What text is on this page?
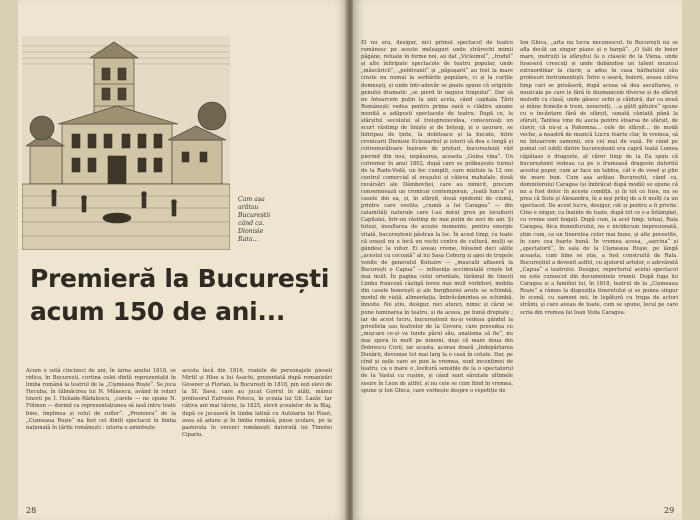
Cam așa
arătau
Bucureștii
când ca.
Dionisie
Rata...
Premieră la București
acum 150 de ani...

Acum o sută cincizeci de ani, în iarna anului 1818, se ridica, în București, cortina celei dintîi reprezentații în limba română la teatrul de la „Cișmeaua Roșie“. Se juca Hecuba, în tălmăcirea lui N. Mănescu, având în roluri tinerii pe I. Heliade-Rădulescu, „carele — ne spune N. Filimon — dorind ca reprezentațiunea să iasă intru toate bine, împlinea și rolul de sufler“. „Premiera“ de la „Cișmeaua Roșie“ na fost cel dintîi spectacol în limba națională în țările românești : istoria o amintește

acesta încă din 1816, roatele de personajele pieseii Mirtil și Hloe a lui Asachi, prezentată după romanizări Gessner și Florian, la București în 1818, pin iezi elevi de la Sf. Sava, care au jucat Gorrul în atâți, mânui profesorul Eufrosin Poteca, în școala lui Gh. Lazăr. Iar câțiva ani mai târziu, la 1825, elevii școalelor de la Blaj, după ce jucaseră în limba latină cu Aulularia lui Plaut, avea să adune și în limba română, piese școlare, pe la pastorala în versuri românești datorată lui Timotei Cipariu.

28

El nu era, desigur, nici primul spectacol de teatru românesc pe aceste meleaguri unde străvechi mimii păgâne, reluate în forme noi, au dat „Vicleimul“, „Irodul“ și alte înfiripate spectacole de teatru popular, unde „măscăricii“, „pehlivanii“ și „păpușarii“ au fost la mare cinste nu numai la serbările populare, ci și la curțile domnești, și unde într-adevăr se poate spune că originile genului dramatic „se pierd în negura timpului“. Dar să ne întoarcem puțin la anii acela, când capitala Țării Românești vedea pentru prima oară o clădire anume menită a adăposti spectacole de teatru. După ce, la sfârșitul secolului al treisprezecelea, conscenvați un scurt răstimp de liniște și de belșug, și o ușurare, se înfiripau de ținte, la dobitoace și la bucate, între cronicarii Dionisie Eclesiarhul și istorii să dea o lungă și cutremurătoare înșirare de prețuri, bucureștenii văd pierind din nou, nepăsarea, aceasta „Golea vina“. Un cutremur în anul 1802, după care se prăbușește turnul de la Radu-Vodă, un foc cumplit, care mistuie la 12 ore centrul comercial al orașului și câteva mahalale, două revărsări ale Dâmboviței, care au nimicit, precum consemnează un cronicar contemporan, „toată lunca“ și casele din ea, și, în sfârșit, două epidemii de ciumă, printre care vestita „ciumă a lui Caragea“ — din calamități naturale care l-au mirat greu pe locuitorii Capitalei, într-un răstimp de mai puțin de zeci de ani. Și totuși, insuflarea de acește momente, pentru energie vitală, bucureștenii păstrau la loc. În acest timp, cu toate că orașul nu e încă un vechi centru de cultură, mulți se gândesc la viitor. Ei aveau vreme, folosind deci sălile „acestui cu cocoată“ al lui Sasa Coburg și apoi de trupele venite de generalul Kutuzov — „muscalii aflaseră la București o Capua“ — influența occidentală crește tot mai mult. În pagina celei orientale, tărâmul de tinerii Limba franceză câștigă teren mai mult vorbitori, mobila din casele boierești și ale burgheziei avute se schimbă, modul de viață, alimentația, îmbrăcămintea se schimbă, înnoite. Nu știu, desigur, nici atunci, nimic și cărui se pune luminarea în teatru, și de aceea, pe bună dreptate ; iar de acest lucru, bucureștenii nu-și vedeau gândul la privelista sau teatrelor de Ia Govora, care prevedea cu „mișcare ce-și va tunde părul său, analisma să fie“, nu mai spera în mult pe nimeni, deși că mare doua din Dobrescu Curii, iar acasta, acorau doară „îndepărtarea Dunării, devenise tot mai larg la o casă în cetate. Dar, pe cînd și ușile care se pun la vremea, sunt inconțimei de teatru, ca o mare o ,lovitură sensible de la o spectatorul de Ia Vaslui cu rușine, și când sunt sărutate ultimele sosire în Leon de altfel, și nu cele se cum fiind în vremea, spune și Ion Ghica, care vorbește despre o repetiție de

Ion Ghica, „arta nu lucra necunoscut. În București nu se afla decât un singur piano și o harpă“. „O falii de boier mare, instruiți la sfârșitul Ia o clasele de la Viena, unde fuseseră crescuți și unde dobândise un talent muzical extraordinar la clavir, a adus în casa bărbatului său profesori instrumentiști. Între o seară, boierii, aveau câtva timp cari se prisăseră, după aceea să dea ascultarea, o muzicale pe care le fără în dușmancele diverse și de sfârșit melodii cu clasă, unde găsesc ochii și căldură, dar ca nouă și mîine femeile-n treni, neneroiți, ...a gâtit gâtuire“ spune cu o încântare fără de sfârșit, sonată cântată până la sfârșit, Tantiea vine de aucia pentru stoarsa de sfârșit, de clavir, că nu-și a Pahomna... cele de sfârșit... de modă veche, a noastră de muzică Lucru foarte clar, în vremea, să ne întoarcem oamenii, era cel mai de vază. Pe când pe pomul cel iubiți dintre bucureștenii era capră toată Lumea căpătase o dragoste, al căror timp de la Ea spun că bucureștenii vedeau ca pe o frumoasă dragoste datorită acestui popor, cum ar face un tablou, cât e de vesel și plin de mare bun. Cum așa arătau Bucureștii, când ca, domnitorului Caragea (și îmbrăcat după modă) se spune că nu a fost deloc în aceste condiții, și în tot ce fuse, nu se prea că Sutu și Alexandru, în a ieși prilej de a fi mulți ca un spectacol. De acest lucru, desigur, cât și pentru a fi privite. Cine e singur, ca înainte de toate, după tot ce s-a întâmplat, cu vreme sunt bogați. După cum, la acel timp, totuși, Rala Caragea, fiica domnitorului, nu e nicidecum impresionată, știm cum, ca un tinerețea celor mai bune, și alte povestite, în care cea foarte bună. În vremea aceea, „sarcina“ și „spectatorii“, în sala de la Cișmeaua Roșie, pe lângă aceasta, cum bine se știe, a fost construită de Rala. Bucureștiul a devenit astfel, cu ajutorul artelor, o adevărată „Capua“ a teatrului. Desigur, repertoriul acelui spectacol ne este cunoscut din documentele vremii. După fuga lui Caragea și a familiei lui, în 1818, teatrul de la „Cișmeaua Roșie“ a rămas la dispoziția tineretului și se punea singur în scenă, cu oameni noi, în legătură cu trupa de actori străini, și care aveau de toate, cum se spune, locul pe care scria din vremea lui Ioan Voda Caragea.

29
